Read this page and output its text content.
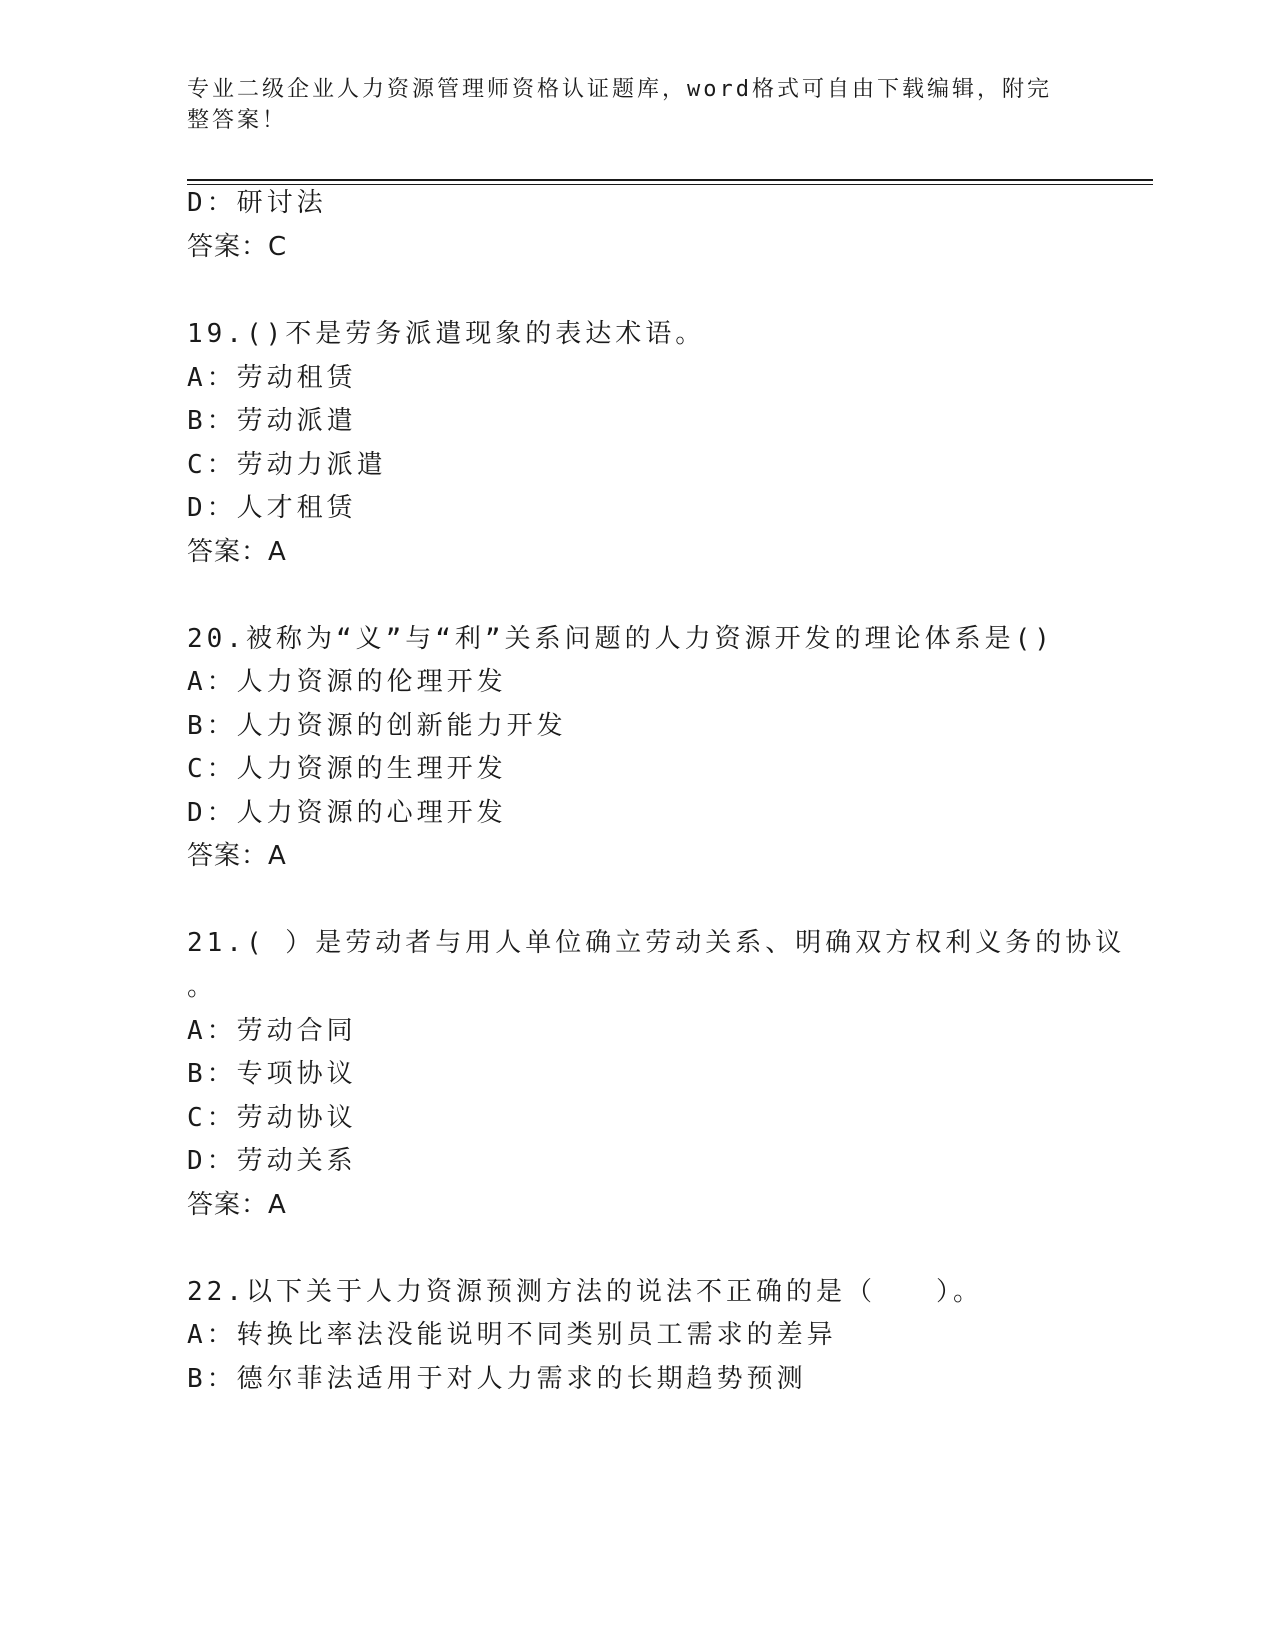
专业二级企业人力资源管理师资格认证题库，word格式可自由下载编辑，附完整答案！
D：研讨法
答案：C
19.()不是劳务派遣现象的表达术语。
A：劳动租赁
B：劳动派遣
C：劳动力派遣
D：人才租赁
答案：A
20.被称为“义”与“利”关系问题的人力资源开发的理论体系是()
A：人力资源的伦理开发
B：人力资源的创新能力开发
C：人力资源的生理开发
D：人力资源的心理开发
答案：A
21.( ）是劳动者与用人单位确立劳动关系、明确双方权利义务的协议
。
A：劳动合同
B：专项协议
C：劳动协议
D：劳动关系
答案：A
22.以下关于人力资源预测方法的说法不正确的是（　　）。
A：转换比率法没能说明不同类别员工需求的差异
B：德尔菲法适用于对人力需求的长期趋势预测
